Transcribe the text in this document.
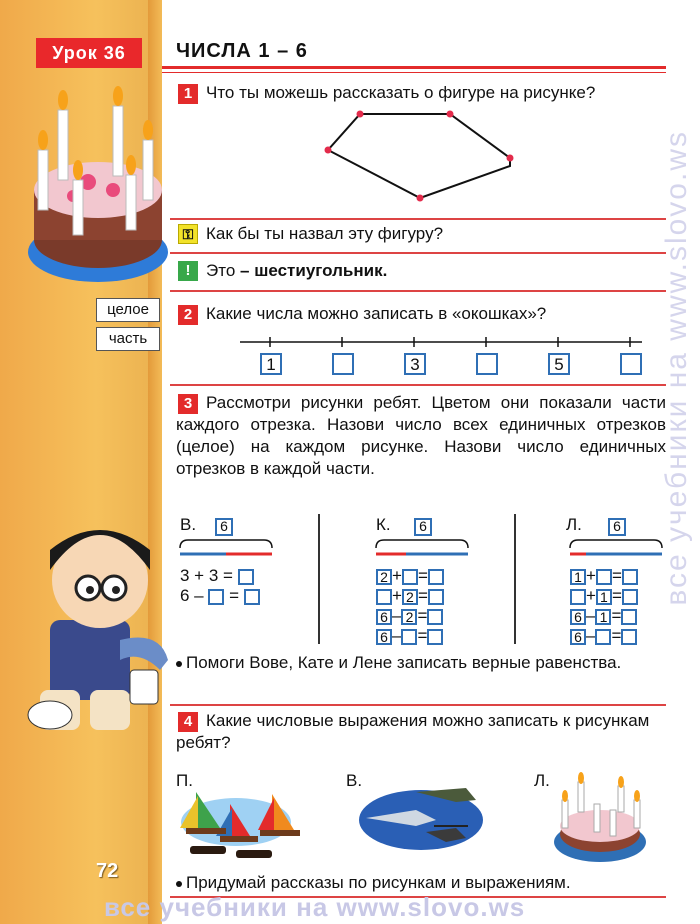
72
Урок 36	ЧИСЛА 1 – 6
1 Что ты можешь рассказать о фигуре на рисунке?
⚿ Как бы ты назвал эту фигуру?
! Это – шестиугольник.
целое
часть
2 Какие числа можно записать в «окошках»?
1	3	5
3 Рассмотри рисунки ребят. Цветом они показали части каждого отрезка. Назови число всех единичных отрезков (целое) на каждом рисунке. Назови число единичных отрезков в каждой части.
В.	6
3 + 3 =
6 – =
К.	6
2 + =
+ 2 =
6 – 2 =
6 – =
Л.	6
1 + =
+ 1 =
6 – 1 =
6 – =
Помоги Вове, Кате и Лене записать верные равенства.
4 Какие числовые выражения можно записать к рисункам ребят?
П.	В.	Л.
Придумай рассказы по рисункам и выражениям.
все учебники на www.slovo.ws
все учебники на www.slovo.ws
